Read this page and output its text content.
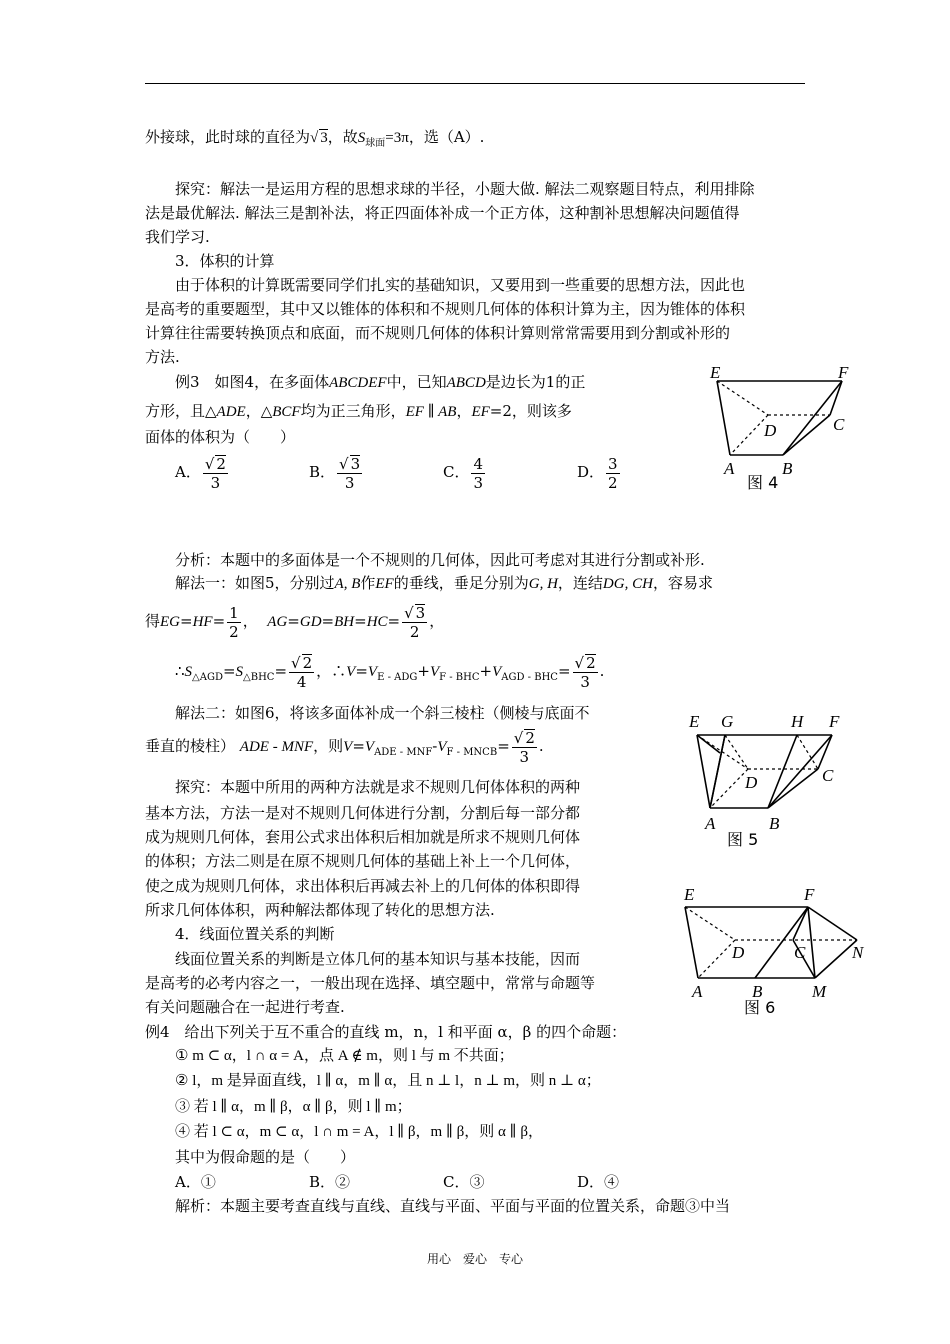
外接球，此时球的直径为√ 3，故$S_{球面}=3\pi$，选（A）.
探究：解法一是运用方程的思想求球的半径，小题大做. 解法二观察题目特点，利用排除
法是最优解法. 解法三是割补法，将正四面体补成一个正方体，这种割补思想解决问题值得
我们学习.
3．体积的计算
由于体积的计算既需要同学们扎实的基础知识，又要用到一些重要的思想方法，因此也
是高考的重要题型，其中又以锥体的体积和不规则几何体的体积计算为主，因为锥体的体积
计算往往需要转换顶点和底面，而不规则几何体的体积计算则常常需要用到分割或补形的
方法.
例3　如图4，在多面体ABCDEF中，已知ABCD是边长为1的正
方形，且△ADE，△BCF均为正三角形，EF ∥ AB，EF=2，则该多
面体的体积为（　　）
A． $\frac{√ 2}{3}$	B． $\frac{√ 3}{3}$	C． $\frac{4}{3}$	D． $\frac{3}{2}$
分析：本题中的多面体是一个不规则的几何体，因此可考虑对其进行分割或补形.
解法一：如图5，分别过A, B作EF的垂线，垂足分别为G, H，连结DG, CH，容易求
得$EG=HF= \frac{1}{2}$ ， $AG=GD=BH=HC= \frac{√ 3}{2}$ ，
$\therefore S_{\triangle AGD}=S_{\triangle BHC}= \frac{√ 2}{4}$ ，$\therefore V=V_{E - ADG}+V_{F - BHC}+V_{AGD - BHC}= \frac{√ 2}{3}$ .
解法二：如图6，将该多面体补成一个斜三棱柱（侧棱与底面不
垂直的棱柱） ADE - MNF，则$V=V_{ADE - MNF}-V_{F - MNCB}= \frac{√ 2}{3}$ .
探究：本题中所用的两种方法就是求不规则几何体体积的两种
基本方法，方法一是对不规则几何体进行分割，分割后每一部分都
成为规则几何体，套用公式求出体积后相加就是所求不规则几何体
的体积；方法二则是在原不规则几何体的基础上补上一个几何体，
使之成为规则几何体，求出体积后再减去补上的几何体的体积即得
所求几何体体积，两种解法都体现了转化的思想方法.
4．线面位置关系的判断
线面位置关系的判断是立体几何的基本知识与基本技能，因而
是高考的必考内容之一，一般出现在选择、填空题中，常常与命题等
有关问题融合在一起进行考查.
例4　给出下列关于互不重合的直线 m，n，l 和平面 α，β 的四个命题：
① m ⊂ α，l ∩ α = A，点 A ∉ m，则 l 与 m 不共面；
② l，m 是异面直线，l ∥ α，m ∥ α，且 n ⊥ l，n ⊥ m，则 n ⊥ α；
③ 若 l ∥ α，m ∥ β，α ∥ β，则 l ∥ m；
④ 若 l ⊂ α，m ⊂ α，l ∩ m = A，l ∥ β，m ∥ β，则 α ∥ β，
其中为假命题的是（　　）
A．①	B．②	C．③	D．④
解析：本题主要考查直线与直线、直线与平面、平面与平面的位置关系，命题③中当
E	F
C
D
A	B
图 4
E G	H F
D	C
A	B
图 5
E	F
D	C	N
A	B	M
图 6
用心　爱心　专心
